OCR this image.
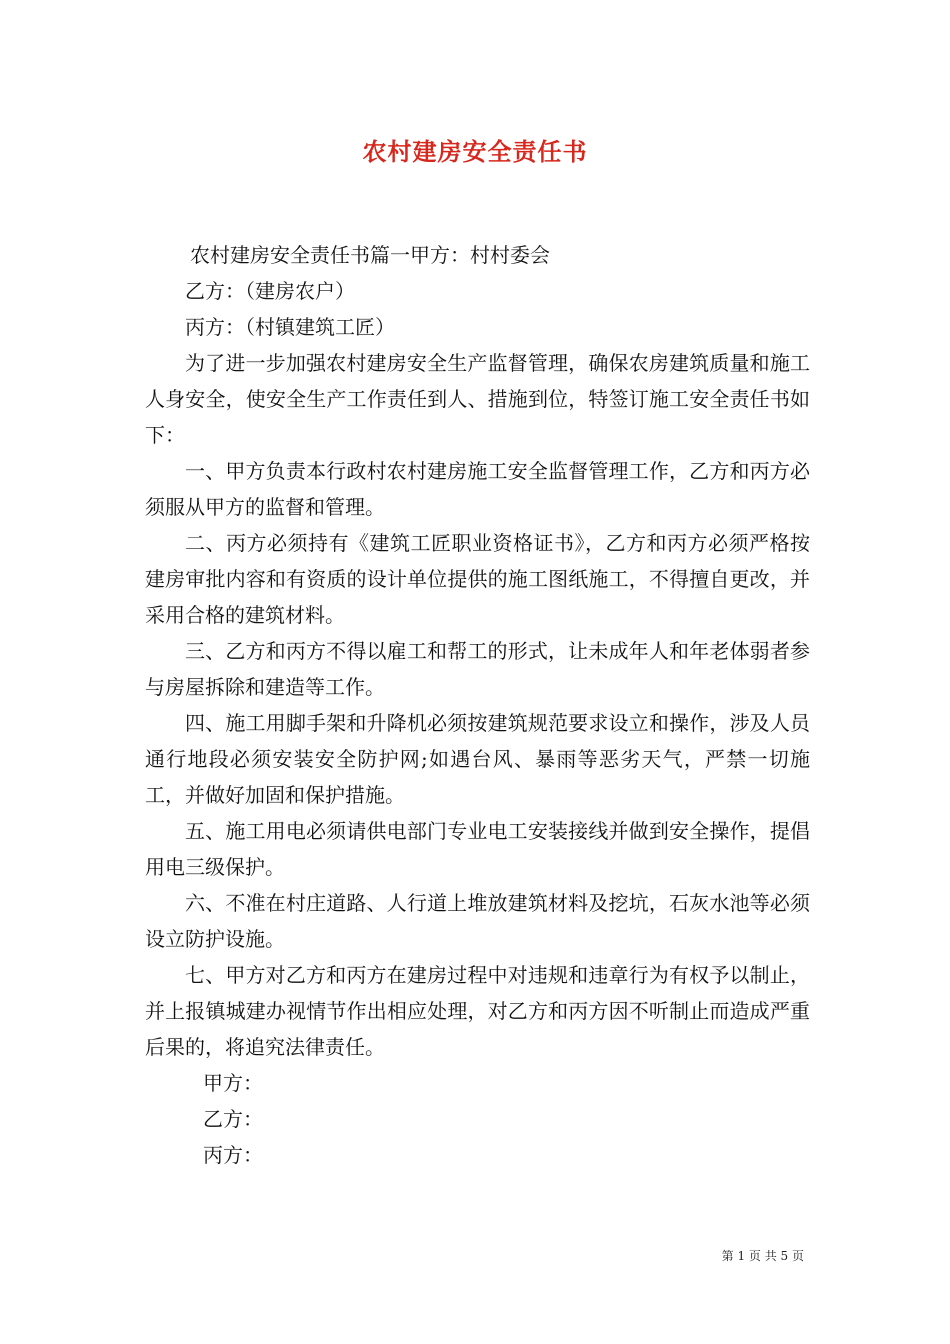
农村建房安全责任书

农村建房安全责任书篇一甲方：村村委会

乙方：（建房农户）

丙方：（村镇建筑工匠）

为了进一步加强农村建房安全生产监督管理，确保农房建筑质量和施工人身安全，使安全生产工作责任到人、措施到位，特签订施工安全责任书如下：

一、甲方负责本行政村农村建房施工安全监督管理工作，乙方和丙方必须服从甲方的监督和管理。

二、丙方必须持有《建筑工匠职业资格证书》，乙方和丙方必须严格按建房审批内容和有资质的设计单位提供的施工图纸施工，不得擅自更改，并采用合格的建筑材料。

三、乙方和丙方不得以雇工和帮工的形式，让未成年人和年老体弱者参与房屋拆除和建造等工作。

四、施工用脚手架和升降机必须按建筑规范要求设立和操作，涉及人员通行地段必须安装安全防护网;如遇台风、暴雨等恶劣天气，严禁一切施工，并做好加固和保护措施。

五、施工用电必须请供电部门专业电工安装接线并做到安全操作，提倡用电三级保护。

六、不准在村庄道路、人行道上堆放建筑材料及挖坑，石灰水池等必须设立防护设施。

七、甲方对乙方和丙方在建房过程中对违规和违章行为有权予以制止，并上报镇城建办视情节作出相应处理，对乙方和丙方因不听制止而造成严重后果的，将追究法律责任。

甲方：

乙方：

丙方：

第 1 页 共 5 页
